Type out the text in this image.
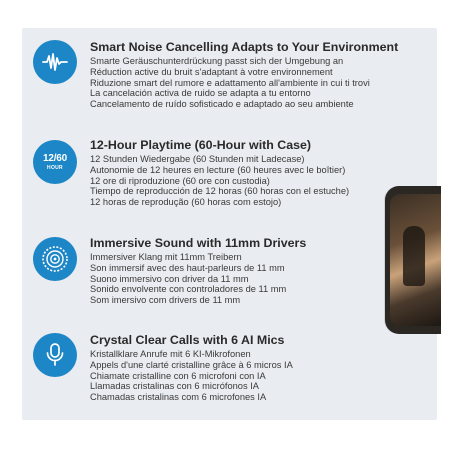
Smart Noise Cancelling Adapts to Your Environment
Smarte Geräuschunterdrückung passt sich der Umgebung an
Réduction active du bruit s'adaptant à votre environnement
Riduzione smart del rumore e adattamento all'ambiente in cui ti trovi
La cancelación activa de ruido se adapta a tu entorno
Cancelamento de ruído sofisticado e adaptado ao seu ambiente
12/60
HOUR
12-Hour Playtime (60-Hour with Case)
12 Stunden Wiedergabe (60 Stunden mit Ladecase)
Autonomie de 12 heures en lecture (60 heures avec le boîtier)
12 ore di riproduzione (60 ore con custodia)
Tiempo de reproducción de 12 horas (60 horas con el estuche)
12 horas de reprodução (60 horas com estojo)
Immersive Sound with 11mm Drivers
Immersiver Klang mit 11mm Treibern
Son immersif avec des haut-parleurs de 11 mm
Suono immersivo con driver da 11 mm
Sonido envolvente con controladores de 11 mm
Som imersivo com drivers de 11 mm
Crystal Clear Calls with 6 AI Mics
Kristallklare Anrufe mit 6 KI-Mikrofonen
Appels d'une clarté cristalline grâce à 6 micros IA
Chiamate cristalline con 6 microfoni con IA
Llamadas cristalinas con 6 micrófonos IA
Chamadas cristalinas com 6 microfones IA
